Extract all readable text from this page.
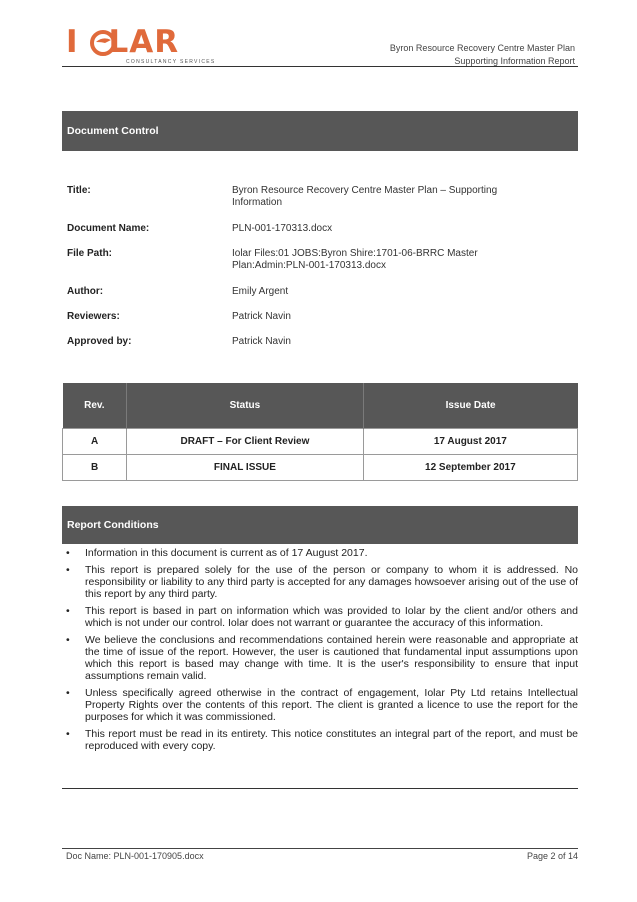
I LAR
CONSULTANCY SERVICES
Byron Resource Recovery Centre Master Plan
Supporting Information Report
Document Control
Title:	Byron Resource Recovery Centre Master Plan – Supporting Information
Document Name:	PLN-001-170313.docx
File Path:	Iolar Files:01 JOBS:Byron Shire:1701-06-BRRC Master Plan:Admin:PLN-001-170313.docx
Author:	Emily Argent
Reviewers:	Patrick Navin
Approved by:	Patrick Navin
Rev.	Status	Issue Date
A	DRAFT – For Client Review	17 August 2017
B	FINAL ISSUE	12 September 2017
Report Conditions
• Information in this document is current as of 17 August 2017.
• This report is prepared solely for the use of the person or company to whom it is addressed. No responsibility or liability to any third party is accepted for any damages howsoever arising out of the use of this report by any third party.
• This report is based in part on information which was provided to Iolar by the client and/or others and which is not under our control. Iolar does not warrant or guarantee the accuracy of this information.
• We believe the conclusions and recommendations contained herein were reasonable and appropriate at the time of issue of the report. However, the user is cautioned that fundamental input assumptions upon which this report is based may change with time. It is the user's responsibility to ensure that input assumptions remain valid.
• Unless specifically agreed otherwise in the contract of engagement, Iolar Pty Ltd retains Intellectual Property Rights over the contents of this report. The client is granted a licence to use the report for the purposes for which it was commissioned.
• This report must be read in its entirety. This notice constitutes an integral part of the report, and must be reproduced with every copy.
Doc Name: PLN-001-170905.docx	Page 2 of 14
